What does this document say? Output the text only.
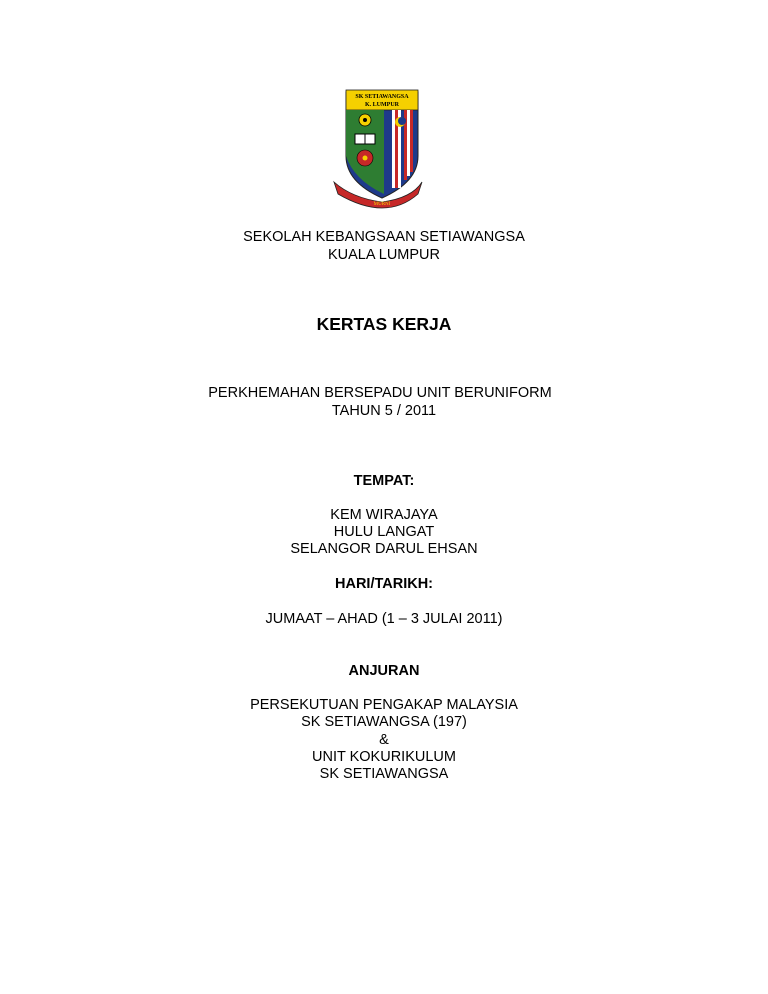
SK SETIAWANGSA
K. LUMPUR
MURNI
SEKOLAH KEBANGSAAN SETIAWANGSA
KUALA LUMPUR
KERTAS KERJA
PERKHEMAHAN BERSEPADU UNIT BERUNIFORM
TAHUN 5 / 2011
TEMPAT:
KEM WIRAJAYA
HULU LANGAT
SELANGOR DARUL EHSAN
HARI/TARIKH:
JUMAAT – AHAD (1 – 3 JULAI 2011)
ANJURAN
PERSEKUTUAN PENGAKAP MALAYSIA
SK SETIAWANGSA (197)
&
UNIT KOKURIKULUM
SK SETIAWANGSA
